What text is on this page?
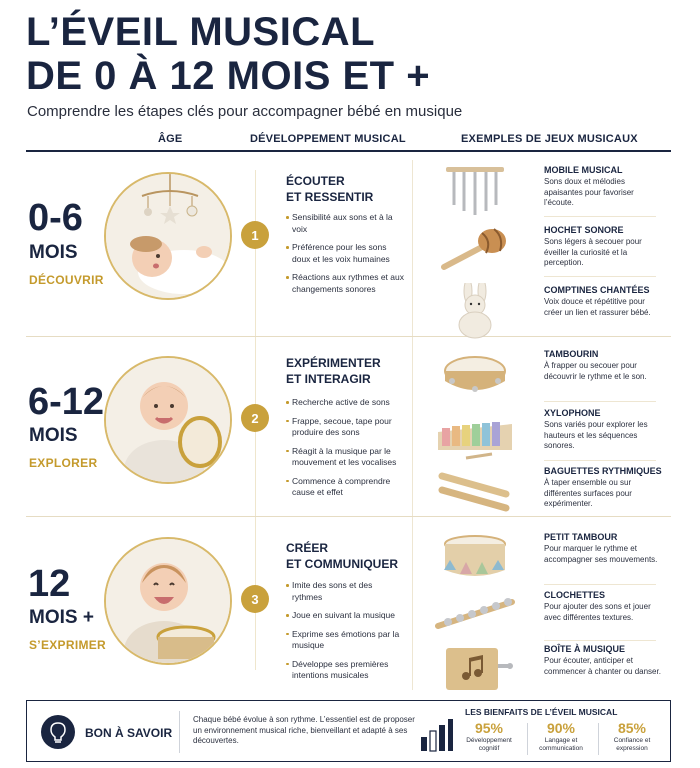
L’ÉVEIL MUSICAL
DE 0 À 12 MOIS ET +
Comprendre les étapes clés pour accompagner bébé en musique
ÂGE	DÉVELOPPEMENT MUSICAL	EXEMPLES DE JEUX MUSICAUX
0-6
MOIS
DÉCOUVRIR
1
ÉCOUTER
ET RESSENTIR
Sensibilité aux sons et à la voix
Préférence pour les sons doux et les voix humaines
Réactions aux rythmes et aux changements sonores
MOBILE MUSICAL
Sons doux et mélodies apaisantes pour favoriser l’écoute.
HOCHET SONORE
Sons légers à secouer pour éveiller la curiosité et la perception.
COMPTINES CHANTÉES
Voix douce et répétitive pour créer un lien et rassurer bébé.
6-12
MOIS
EXPLORER
2
EXPÉRIMENTER
ET INTERAGIR
Recherche active de sons
Frappe, secoue, tape pour produire des sons
Réagit à la musique par le mouvement et les vocalises
Commence à comprendre cause et effet
TAMBOURIN
À frapper ou secouer pour découvrir le rythme et le son.
XYLOPHONE
Sons variés pour explorer les hauteurs et les séquences sonores.
BAGUETTES RYTHMIQUES
À taper ensemble ou sur différentes surfaces pour expérimenter.
12
MOIS +
S’EXPRIMER
3
CRÉER
ET COMMUNIQUER
Imite des sons et des rythmes
Joue en suivant la musique
Exprime ses émotions par la musique
Développe ses premières intentions musicales
PETIT TAMBOUR
Pour marquer le rythme et accompagner ses mouvements.
CLOCHETTES
Pour ajouter des sons et jouer avec différentes textures.
BOÎTE À MUSIQUE
Pour écouter, anticiper et commencer à chanter ou danser.
BON À SAVOIR
Chaque bébé évolue à son rythme. L’essentiel est de proposer un environnement musical riche, bienveillant et adapté à ses découvertes.
LES BIENFAITS DE L’ÉVEIL MUSICAL
95%
Développement cognitif
90%
Langage et communication
85%
Confiance et expression
